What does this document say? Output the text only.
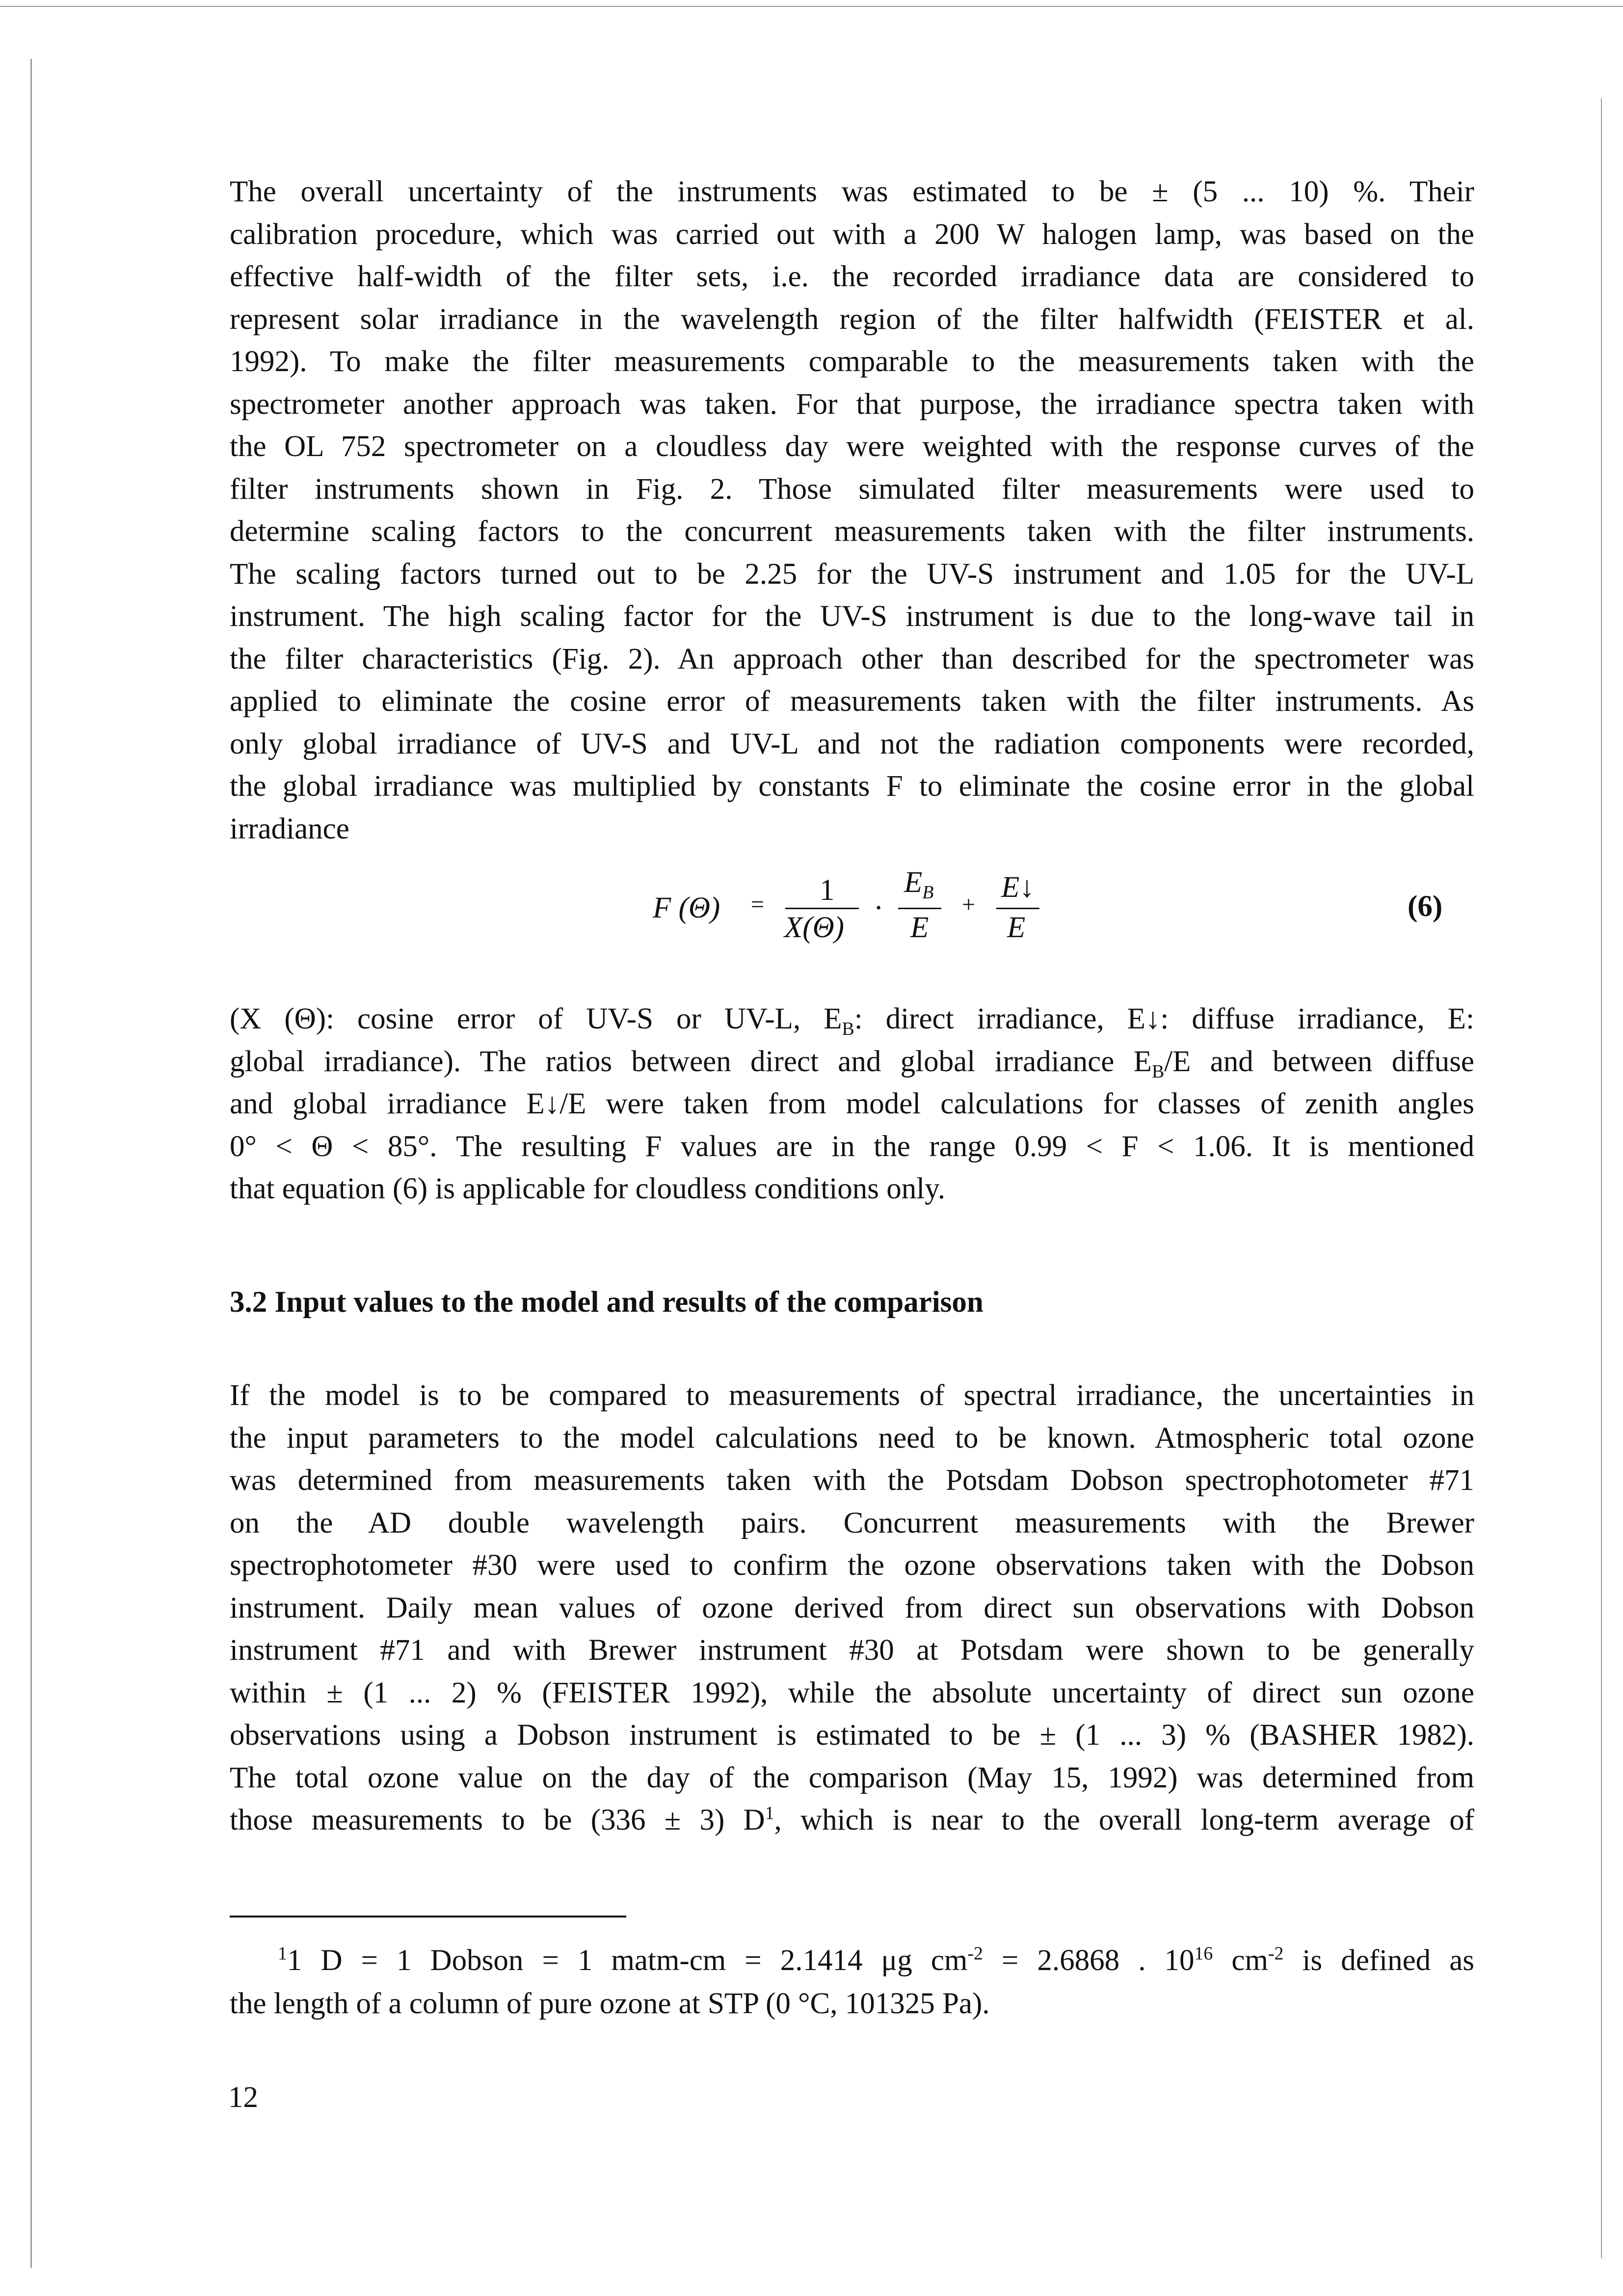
The overall uncertainty of the instruments was estimated to be ± (5 ... 10) %. Their
calibration procedure, which was carried out with a 200 W halogen lamp, was based on the
effective half-width of the filter sets, i.e. the recorded irradiance data are considered to
represent solar irradiance in the wavelength region of the filter halfwidth (FEISTER et al.
1992). To make the filter measurements comparable to the measurements taken with the
spectrometer another approach was taken. For that purpose, the irradiance spectra taken with
the OL 752 spectrometer on a cloudless day were weighted with the response curves of the
filter instruments shown in Fig. 2. Those simulated filter measurements were used to
determine scaling factors to the concurrent measurements taken with the filter instruments.
The scaling factors turned out to be 2.25 for the UV-S instrument and 1.05 for the UV-L
instrument. The high scaling factor for the UV-S instrument is due to the long-wave tail in
the filter characteristics (Fig. 2). An approach other than described for the spectrometer was
applied to eliminate the cosine error of measurements taken with the filter instruments. As
only global irradiance of UV-S and UV-L and not the radiation components were recorded,
the global irradiance was multiplied by constants F to eliminate the cosine error in the global
irradiance

F (Θ) = 1
X(Θ)
·
$E_B$
E
+
E↓
E
(6)

(X (Θ): cosine error of UV-S or UV-L, $E_B$: direct irradiance, E↓: diffuse irradiance, E:
global irradiance). The ratios between direct and global irradiance $E_B/E$ and between diffuse
and global irradiance E↓/E were taken from model calculations for classes of zenith angles
0° < Θ < 85°. The resulting F values are in the range 0.99 < F < 1.06. It is mentioned
that equation (6) is applicable for cloudless conditions only.

3.2 Input values to the model and results of the comparison

If the model is to be compared to measurements of spectral irradiance, the uncertainties in
the input parameters to the model calculations need to be known. Atmospheric total ozone
was determined from measurements taken with the Potsdam Dobson spectrophotometer #71
on the AD double wavelength pairs. Concurrent measurements with the Brewer
spectrophotometer #30 were used to confirm the ozone observations taken with the Dobson
instrument. Daily mean values of ozone derived from direct sun observations with Dobson
instrument #71 and with Brewer instrument #30 at Potsdam were shown to be generally
within ± (1 ... 2) % (FEISTER 1992), while the absolute uncertainty of direct sun ozone
observations using a Dobson instrument is estimated to be ± (1 ... 3) % (BASHER 1982).
The total ozone value on the day of the comparison (May 15, 1992) was determined from
those measurements to be (336 ± 3) $D^1$, which is near to the overall long-term average of

$^1$1 D = 1 Dobson = 1 matm-cm = 2.1414 μg $cm^{-2} = 2.6868$ . $10^{16}$ $cm^{-2}$ is defined as
the length of a column of pure ozone at STP (0 °C, 101325 Pa).
12
